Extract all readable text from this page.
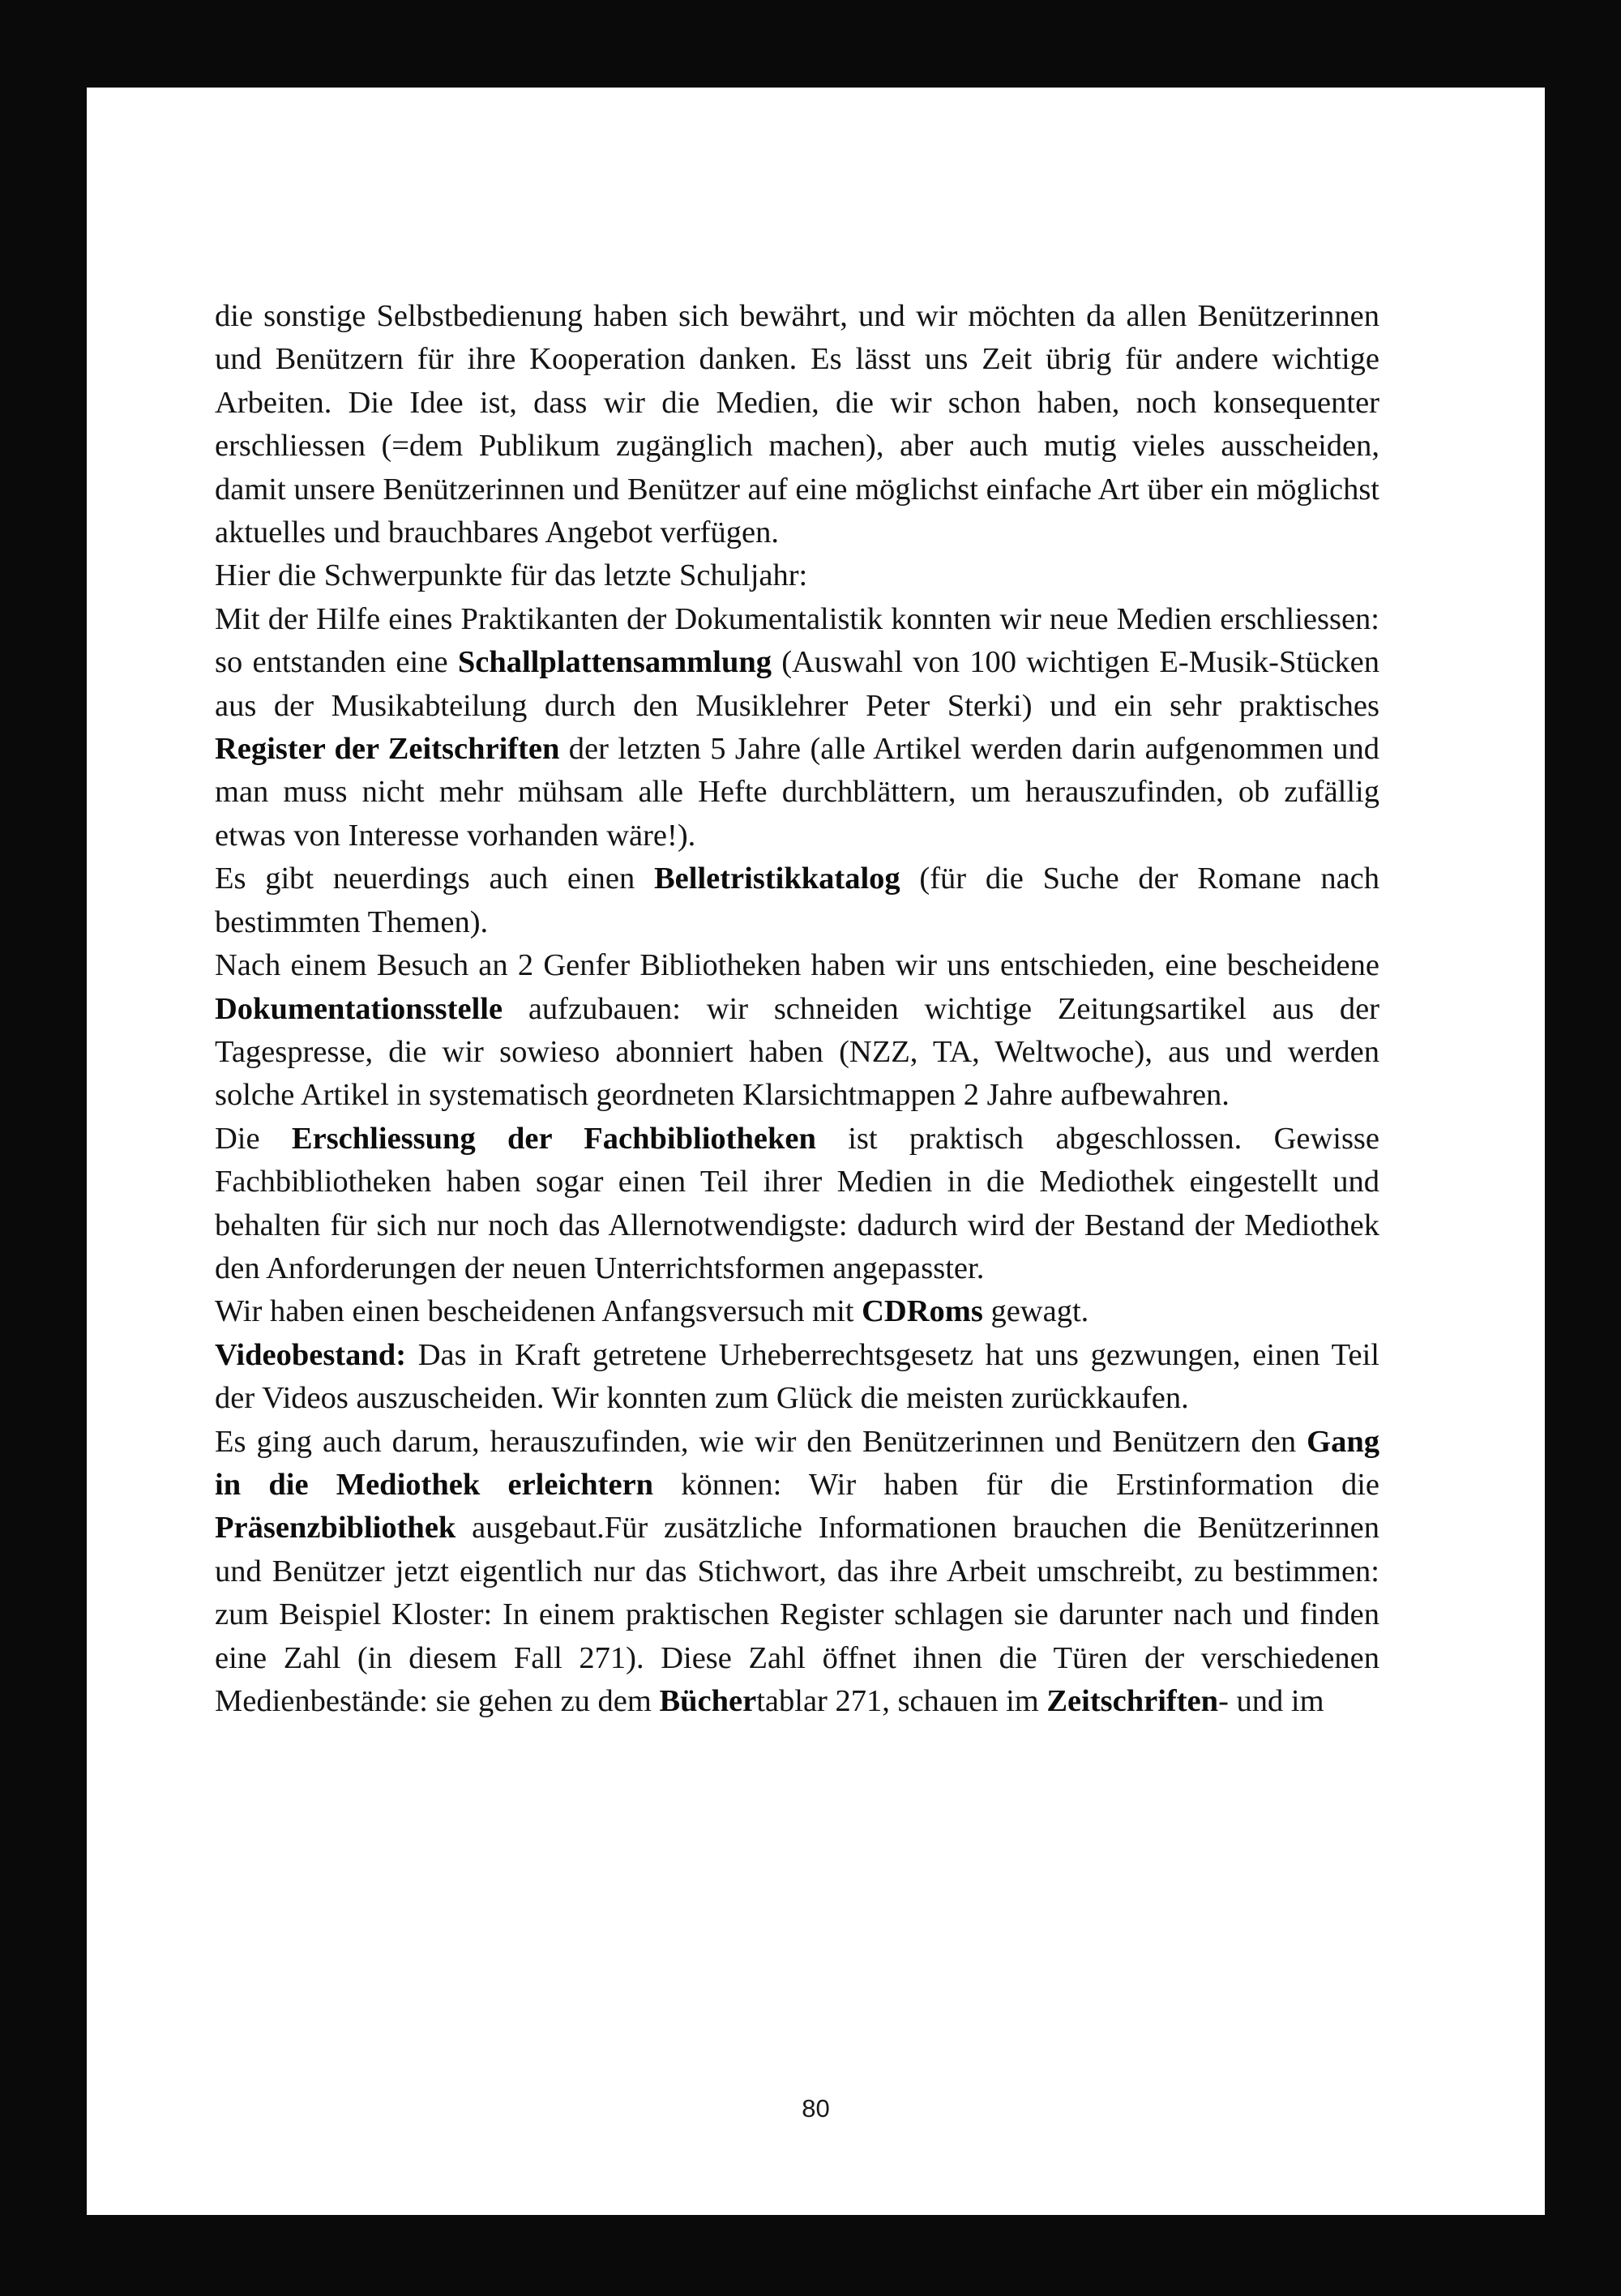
die sonstige Selbstbedienung haben sich bewährt, und wir möchten da allen Benützerinnen und Benützern für ihre Kooperation danken. Es lässt uns Zeit übrig für andere wichtige Arbeiten. Die Idee ist, dass wir die Medien, die wir schon haben, noch konsequenter erschliessen (=dem Publikum zugänglich machen), aber auch mutig vieles ausscheiden, damit unsere Benützerinnen und Benützer auf eine möglichst einfache Art über ein möglichst aktuelles und brauchbares Angebot verfügen.

Hier die Schwerpunkte für das letzte Schuljahr:

Mit der Hilfe eines Praktikanten der Dokumentalistik konnten wir neue Medien erschliessen: so entstanden eine Schallplattensammlung (Auswahl von 100 wichtigen E-Musik-Stücken aus der Musikabteilung durch den Musiklehrer Peter Sterki) und ein sehr praktisches Register der Zeitschriften der letzten 5 Jahre (alle Artikel werden darin aufgenommen und man muss nicht mehr mühsam alle Hefte durchblättern, um herauszufinden, ob zufällig etwas von Interesse vorhanden wäre!).

Es gibt neuerdings auch einen Belletristikkatalog (für die Suche der Romane nach bestimmten Themen).

Nach einem Besuch an 2 Genfer Bibliotheken haben wir uns entschieden, eine bescheidene Dokumentationsstelle aufzubauen: wir schneiden wichtige Zeitungsartikel aus der Tagespresse, die wir sowieso abonniert haben (NZZ, TA, Weltwoche), aus und werden solche Artikel in systematisch geordneten Klarsichtmappen 2 Jahre aufbewahren.

Die Erschliessung der Fachbibliotheken ist praktisch abgeschlossen. Gewisse Fachbibliotheken haben sogar einen Teil ihrer Medien in die Mediothek eingestellt und behalten für sich nur noch das Allernotwendigste: dadurch wird der Bestand der Mediothek den Anforderungen der neuen Unterrichtsformen angepasster.

Wir haben einen bescheidenen Anfangsversuch mit CDRoms gewagt.

Videobestand: Das in Kraft getretene Urheberrechtsgesetz hat uns gezwungen, einen Teil der Videos auszuscheiden. Wir konnten zum Glück die meisten zurückkaufen.

Es ging auch darum, herauszufinden, wie wir den Benützerinnen und Benützern den Gang in die Mediothek erleichtern können: Wir haben für die Erstinformation die Präsenzbibliothek ausgebaut.Für zusätzliche Informationen brauchen die Benützerinnen und Benützer jetzt eigentlich nur das Stichwort, das ihre Arbeit umschreibt, zu bestimmen: zum Beispiel Kloster: In einem praktischen Register schlagen sie darunter nach und finden eine Zahl (in diesem Fall 271). Diese Zahl öffnet ihnen die Türen der verschiedenen Medienbestände: sie gehen zu dem Büchertablar 271, schauen im Zeitschriften- und im

80
